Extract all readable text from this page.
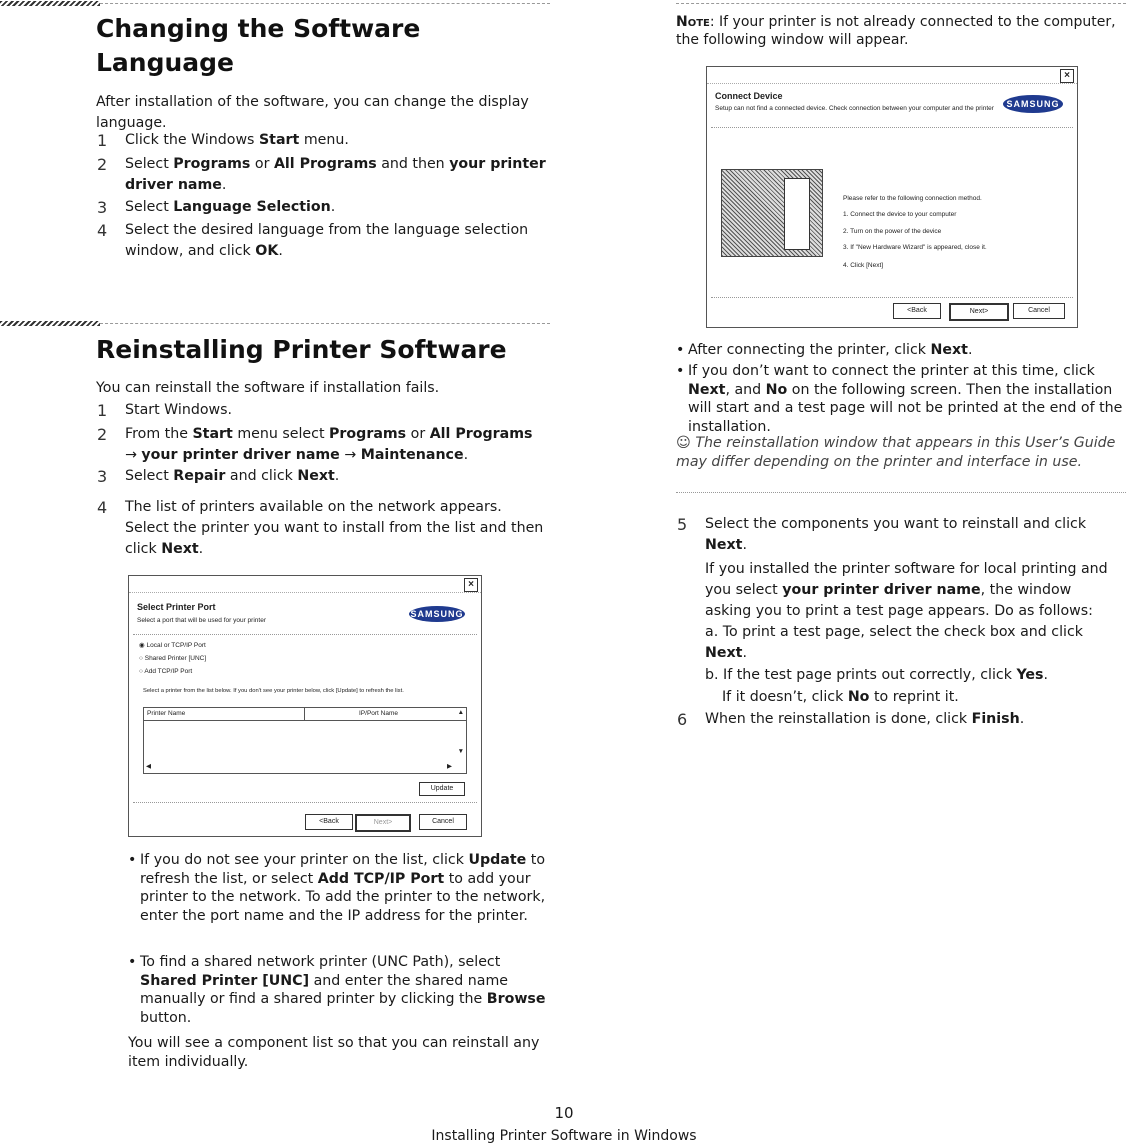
Changing the Software
Language
After installation of the software, you can change the display
language.
1 Click the Windows Start menu.
2 Select Programs or All Programs and then your printer
driver name.
3 Select Language Selection.
4 Select the desired language from the language selection
window, and click OK.
Reinstalling Printer Software
You can reinstall the software if installation fails.
1 Start Windows.
2 From the Start menu select Programs or All Programs
→ your printer driver name → Maintenance.
3 Select Repair and click Next.
4 The list of printers available on the network appears.
Select the printer you want to install from the list and then
click Next.
×
Select Printer Port
Select a port that will be used for your printer
SAMSUNG
◉ Local or TCP/IP Port
○ Shared Printer [UNC]
○ Add TCP/IP Port
Select a printer from the list below. If you don't see your printer below, click [Update] to refresh the list.
Printer Name	IP/Port Name	▲
▼
◀	▶
Update
<Back	Next>	Cancel
• If you do not see your printer on the list, click Update to refresh the list, or select Add TCP/IP Port to add your printer to the network. To add the printer to the network, enter the port name and the IP address for the printer.
• To find a shared network printer (UNC Path), select Shared Printer [UNC] and enter the shared name manually or find a shared printer by clicking the Browse button.
You will see a component list so that you can reinstall any item individually.
Note: If your printer is not already connected to the computer, the following window will appear.
×
Connect Device
Setup can not find a connected device. Check connection between your computer and the printer	SAMSUNG
Please refer to the following connection method.
1. Connect the device to your computer
2. Turn on the power of the device
3. If "New Hardware Wizard" is appeared, close it.
4. Click [Next]
<Back	Next>	Cancel
• After connecting the printer, click Next.
• If you don’t want to connect the printer at this time, click Next, and No on the following screen. Then the installation will start and a test page will not be printed at the end of the installation.
☺ The reinstallation window that appears in this User’s Guide may differ depending on the printer and interface in use.
5 Select the components you want to reinstall and click
Next.
If you installed the printer software for local printing and you select your printer driver name, the window asking you to print a test page appears. Do as follows:
a. To print a test page, select the check box and click Next.
b. If the test page prints out correctly, click Yes.
If it doesn’t, click No to reprint it.
6 When the reinstallation is done, click Finish.
10
Installing Printer Software in Windows
